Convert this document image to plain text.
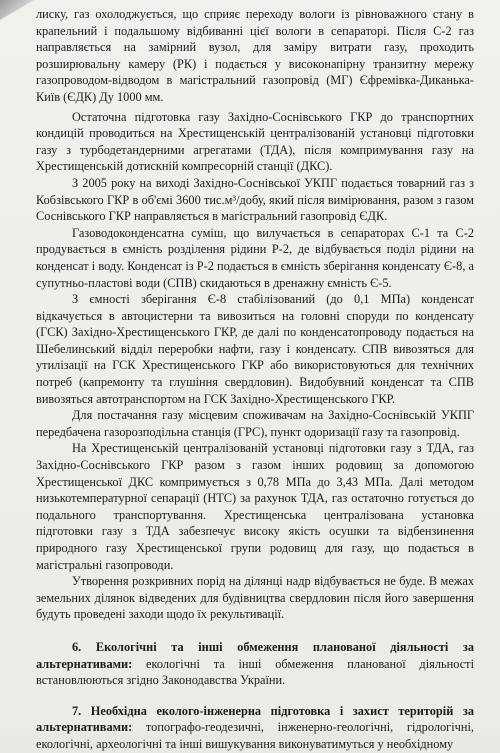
лиску, газ охолоджується, що сприяє переходу вологи із рівноважного стану в крапельний і подальшому відбиванні цієї вологи в сепараторі. Після С-2 газ направляється на замірний вузол, для заміру витрати газу, проходить розширювальну камеру (РК) і подається у високонапірну транзитну мережу газопроводом-відводом в магістральний газопровід (МГ) Єфремівка-Диканька-Київ (ЄДК) Ду 1000 мм.

Остаточна підготовка газу Західно-Соснівського ГКР до транспортних кондицій проводиться на Хрестищенській централізованій установці підготовки газу з турбодетандерними агрегатами (ТДА), після компримування газу на Хрестищенській дотискній компресорній станції (ДКС).

З 2005 року на виході Західно-Соснівської УКПГ подається товарний газ з Кобзівського ГКР в об'ємі 3600 тис.м³/добу, який після вимірювання, разом з газом Соснівського ГКР направляється в магістральний газопровід ЄДК.

Газоводоконденсатна суміш, що вилучається в сепараторах С-1 та С-2 продувається в ємність розділення рідини Р-2, де відбувається поділ рідини на конденсат і воду. Конденсат із Р-2 подається в ємність зберігання конденсату Є-8, а супутньо-пластові води (СПВ) скидаються в дренажну ємність Є-5.

З ємності зберігання Є-8 стабілізований (до 0,1 МПа) конденсат відкачується в автоцистерни та вивозиться на головні споруди по конденсату (ГСК) Західно-Хрестищенського ГКР, де далі по конденсатопроводу подається на Шебелинський відділ переробки нафти, газу і конденсату. СПВ вивозяться для утилізації на ГСК Хрестищенського ГКР або використовуються для технічних потреб (капремонту та глушіння свердловин). Видобувний конденсат та СПВ вивозяться автотранспортом на ГСК Західно-Хрестищенського ГКР.

Для постачання газу місцевим споживачам на Західно-Соснівській УКПГ передбачена газорозподільна станція (ГРС), пункт одоризації газу та газопровід.

На Хрестищенській централізованій установці підготовки газу з ТДА, газ Західно-Соснівського ГКР разом з газом інших родовищ за допомогою Хрестищенської ДКС компримується з 0,78 МПа до 3,43 МПа. Далі методом низькотемпературної сепарації (НТС) за рахунок ТДА, газ остаточно готується до подального транспортування. Хрестищенська централізована установка підготовки газу з ТДА забезпечує високу якість осушки та відбензинення природного газу Хрестищенської групи родовищ для газу, що подається в магістральні газопроводи.

Утворення розкривних порід на ділянці надр відбувається не буде. В межах земельних ділянок відведених для будівництва свердловин після його завершення будуть проведені заходи щодо їх рекультивації.

6. Екологічні та інші обмеження планованої діяльності за альтернативами: екологічні та інші обмеження планованої діяльності встановлюються згідно Законодавства України.

7. Необхідна еколого-інженерна підготовка і захист територій за альтернативами: топографо-геодезичні, інженерно-геологічні, гідрологічні, екологічні, археологічні та інші вишукування виконуватимуться у необхідному
